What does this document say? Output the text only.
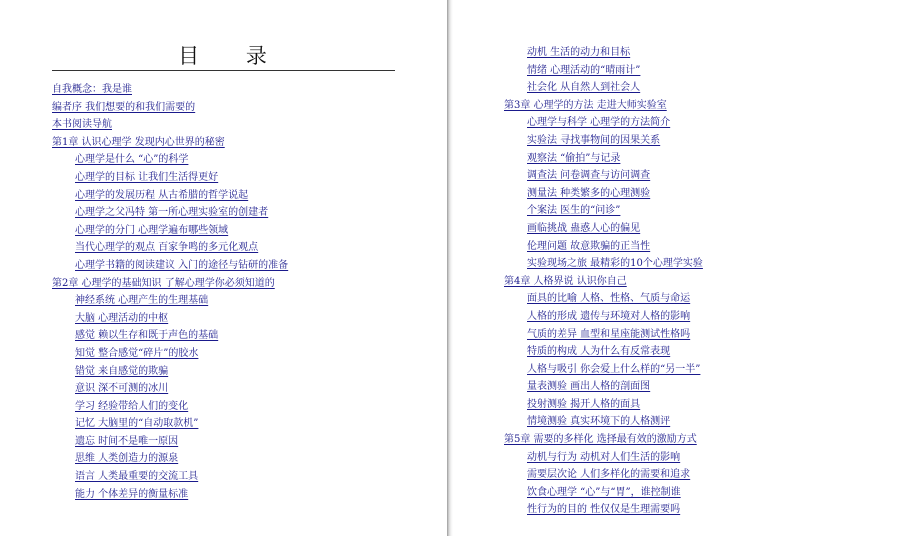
目 录
自我概念：我是谁
编者序 我们想要的和我们需要的
本书阅读导航
第1章 认识心理学 发现内心世界的秘密
心理学是什么 “心”的科学
心理学的目标 让我们生活得更好
心理学的发展历程 从古希腊的哲学说起
心理学之父冯特 第一所心理实验室的创建者
心理学的分门 心理学遍布哪些领域
当代心理学的观点 百家争鸣的多元化观点
心理学书籍的阅读建议 入门的途径与钻研的准备
第2章 心理学的基础知识 了解心理学你必须知道的
神经系统 心理产生的生理基础
大脑 心理活动的中枢
感觉 赖以生存和既于声色的基础
知觉 整合感觉“碎片”的胶水
错觉 来自感觉的欺骗
意识 深不可测的冰川
学习 经验带给人们的变化
记忆 大脑里的“自动取款机”
遗忘 时间不是唯一原因
思维 人类创造力的源泉
语言 人类最重要的交流工具
能力 个体差异的衡量标准
动机 生活的动力和目标
情绪 心理活动的“晴雨计”
社会化 从自然人到社会人
第3章 心理学的方法 走进大师实验室
心理学与科学 心理学的方法简介
实验法 寻找事物间的因果关系
观察法 “偷拍”与记录
调查法 问卷调查与访问调查
测量法 种类繁多的心理测验
个案法 医生的“问诊”
画临挑战 蛊惑人心的偏见
伦理问题 故意欺骗的正当性
实验现场之旅 最精彩的10个心理学实验
第4章 人格界说 认识你自己
面具的比喻 人格、性格、气质与命运
人格的形成 遗传与环境对人格的影响
气质的差异 血型和星座能测试性格吗
特质的构成 人为什么有反常表现
人格与吸引 你会爱上什么样的“另一半”
量表测验 画出人格的剖面图
投射测验 揭开人格的面具
情境测验 真实环境下的人格测评
第5章 需要的多样化 选择最有效的激励方式
动机与行为 动机对人们生活的影响
需要层次论 人们多样化的需要和追求
饮食心理学 “心”与“胃”，谁控制谁
性行为的目的 性仅仅是生理需要吗
